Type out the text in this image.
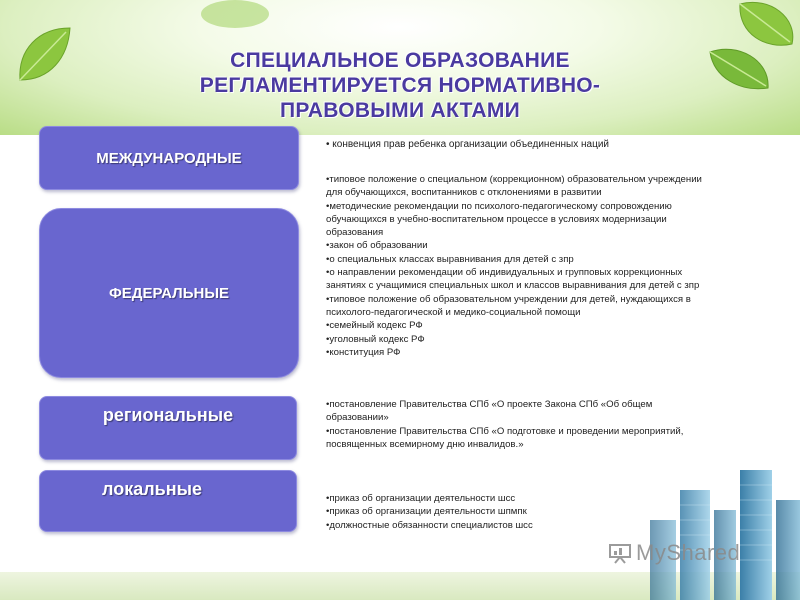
СПЕЦИАЛЬНОЕ ОБРАЗОВАНИЕ
РЕГЛАМЕНТИРУЕТСЯ НОРМАТИВНО-
ПРАВОВЫМИ АКТАМИ
МЕЖДУНАРОДНЫЕ
ФЕДЕРАЛЬНЫЕ
региональные
локальные
• конвенция прав ребенка организации объединенных наций
•типовое положение о специальном (коррекционном) образовательном учреждении для обучающихся, воспитанников с отклонениями в развитии
•методические рекомендации по психолого-педагогическому сопровождению обучающихся в учебно-воспитательном процессе в условиях модернизации образования
•закон об образовании
•о специальных классах выравнивания для детей с зпр
•о направлении рекомендации об индивидуальных и групповых коррекционных занятиях с учащимися специальных школ и классов выравнивания для детей с зпр
•типовое положение об образовательном учреждении для детей, нуждающихся в психолого-педагогической и медико-социальной помощи
•семейный кодекс РФ
•уголовный кодекс РФ
•конституция РФ
•постановление Правительства СПб «О проекте Закона СПб «Об общем образовании»
•постановление Правительства СПб «О подготовке и проведении мероприятий, посвященных всемирному дню инвалидов.»
•приказ об организации деятельности шсс
•приказ об организации деятельности шпмпк
•должностные обязанности специалистов шсс
MyShared
